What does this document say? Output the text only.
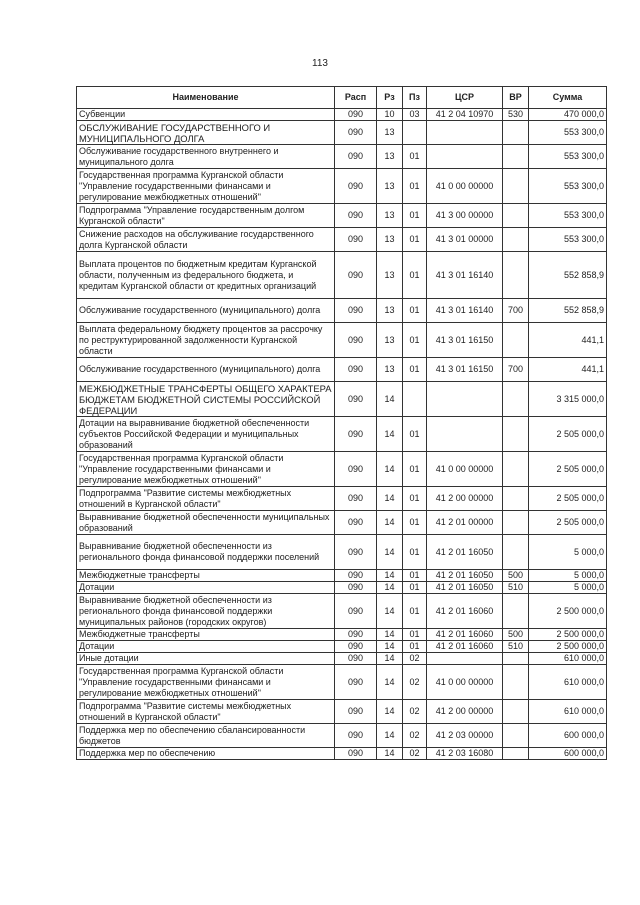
113
Наименование	Расп	Рз	Пз	ЦСР	ВР	Сумма
Субвенции	090	10	03	41 2 04 10970	530	470 000,0
ОБСЛУЖИВАНИЕ ГОСУДАРСТВЕННОГО И МУНИЦИПАЛЬНОГО ДОЛГА	090	13				553 300,0
Обслуживание государственного внутреннего и муниципального долга	090	13	01			553 300,0
Государственная программа Курганской области "Управление государственными финансами и регулирование межбюджетных отношений"	090	13	01	41 0 00 00000		553 300,0
Подпрограмма "Управление государственным долгом Курганской области"	090	13	01	41 3 00 00000		553 300,0
Снижение расходов на обслуживание государственного долга Курганской области	090	13	01	41 3 01 00000		553 300,0
Выплата процентов по бюджетным кредитам Курганской области, полученным из федерального бюджета, и кредитам Курганской области от кредитных организаций	090	13	01	41 3 01 16140		552 858,9
Обслуживание государственного (муниципального) долга	090	13	01	41 3 01 16140	700	552 858,9
Выплата федеральному бюджету процентов за рассрочку по реструктурированной задолженности Курганской области	090	13	01	41 3 01 16150		441,1
Обслуживание государственного (муниципального) долга	090	13	01	41 3 01 16150	700	441,1
МЕЖБЮДЖЕТНЫЕ ТРАНСФЕРТЫ ОБЩЕГО ХАРАКТЕРА БЮДЖЕТАМ БЮДЖЕТНОЙ СИСТЕМЫ РОССИЙСКОЙ ФЕДЕРАЦИИ	090	14				3 315 000,0
Дотации на выравнивание бюджетной обеспеченности субъектов Российской Федерации и муниципальных образований	090	14	01			2 505 000,0
Государственная программа Курганской области "Управление государственными финансами и регулирование межбюджетных отношений"	090	14	01	41 0 00 00000		2 505 000,0
Подпрограмма "Развитие системы межбюджетных отношений в Курганской области"	090	14	01	41 2 00 00000		2 505 000,0
Выравнивание бюджетной обеспеченности муниципальных образований	090	14	01	41 2 01 00000		2 505 000,0
Выравнивание бюджетной обеспеченности из регионального фонда финансовой поддержки поселений	090	14	01	41 2 01 16050		5 000,0
Межбюджетные трансферты	090	14	01	41 2 01 16050	500	5 000,0
Дотации	090	14	01	41 2 01 16050	510	5 000,0
Выравнивание бюджетной обеспеченности из регионального фонда финансовой поддержки муниципальных районов (городских округов)	090	14	01	41 2 01 16060		2 500 000,0
Межбюджетные трансферты	090	14	01	41 2 01 16060	500	2 500 000,0
Дотации	090	14	01	41 2 01 16060	510	2 500 000,0
Иные дотации	090	14	02			610 000,0
Государственная программа Курганской области "Управление государственными финансами и регулирование межбюджетных отношений"	090	14	02	41 0 00 00000		610 000,0
Подпрограмма "Развитие системы межбюджетных отношений в Курганской области"	090	14	02	41 2 00 00000		610 000,0
Поддержка мер по обеспечению сбалансированности бюджетов	090	14	02	41 2 03 00000		600 000,0
Поддержка мер по обеспечению	090	14	02	41 2 03 16080		600 000,0
